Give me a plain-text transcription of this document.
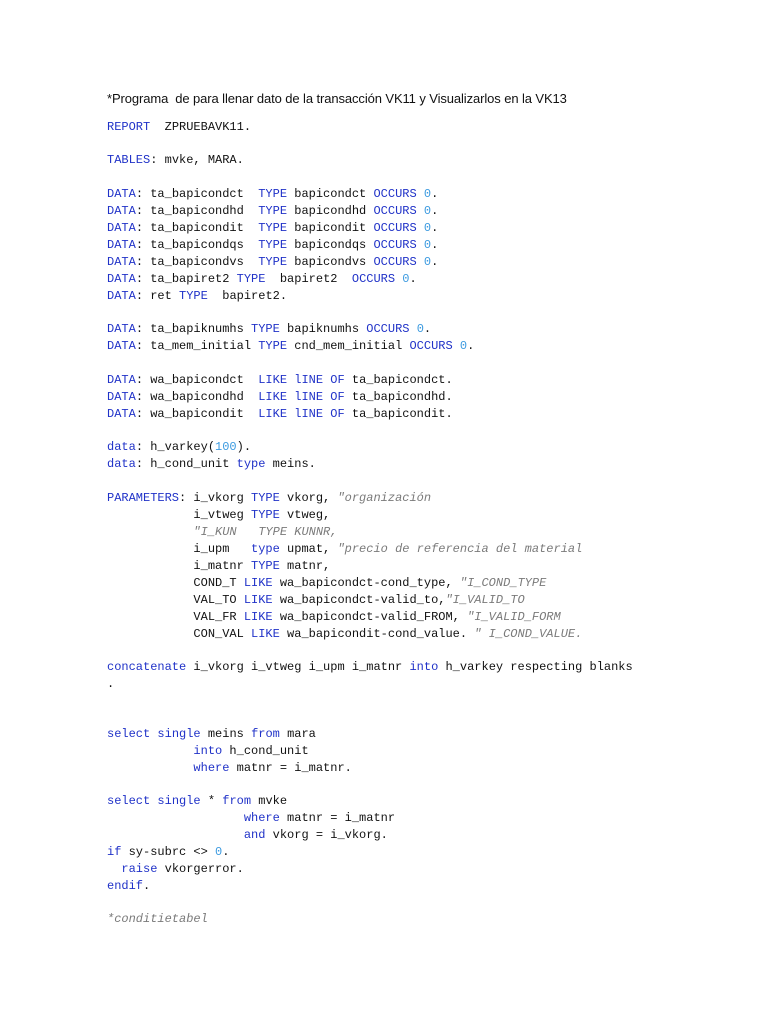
*Programa  de para llenar dato de la transacción VK11 y Visualizarlos en la VK13
REPORT  ZPRUEBAVK11.
TABLES: mvke, MARA.
DATA: ta_bapicondct  TYPE bapicondct OCCURS 0.
DATA: ta_bapicondhd  TYPE bapicondhd OCCURS 0.
DATA: ta_bapicondit  TYPE bapicondit OCCURS 0.
DATA: ta_bapicondqs  TYPE bapicondqs OCCURS 0.
DATA: ta_bapicondvs  TYPE bapicondvs OCCURS 0.
DATA: ta_bapiret2 TYPE  bapiret2  OCCURS 0.
DATA: ret TYPE  bapiret2.
DATA: ta_bapiknumhs TYPE bapiknumhs OCCURS 0.
DATA: ta_mem_initial TYPE cnd_mem_initial OCCURS 0.
DATA: wa_bapicondct  LIKE lINE OF ta_bapicondct.
DATA: wa_bapicondhd  LIKE lINE OF ta_bapicondhd.
DATA: wa_bapicondit  LIKE lINE OF ta_bapicondit.
data: h_varkey(100).
data: h_cond_unit type meins.
PARAMETERS: i_vkorg TYPE vkorg, "organización
i_vtweg TYPE vtweg,
"I_KUN   TYPE KUNNR,
i_upm   type upmat, "precio de referencia del material
i_matnr TYPE matnr,
COND_T LIKE wa_bapicondct-cond_type, "I_COND_TYPE
VAL_TO LIKE wa_bapicondct-valid_to,"I_VALID_TO
VAL_FR LIKE wa_bapicondct-valid_FROM, "I_VALID_FORM
CON_VAL LIKE wa_bapicondit-cond_value. " I_COND_VALUE.
concatenate i_vkorg i_vtweg i_upm i_matnr into h_varkey respecting blanks
.
select single meins from mara
into h_cond_unit
where matnr = i_matnr.
select single * from mvke
where matnr = i_matnr
and vkorg = i_vkorg.
if sy-subrc <> 0.
raise vkorgerror.
endif.
*conditietabel
